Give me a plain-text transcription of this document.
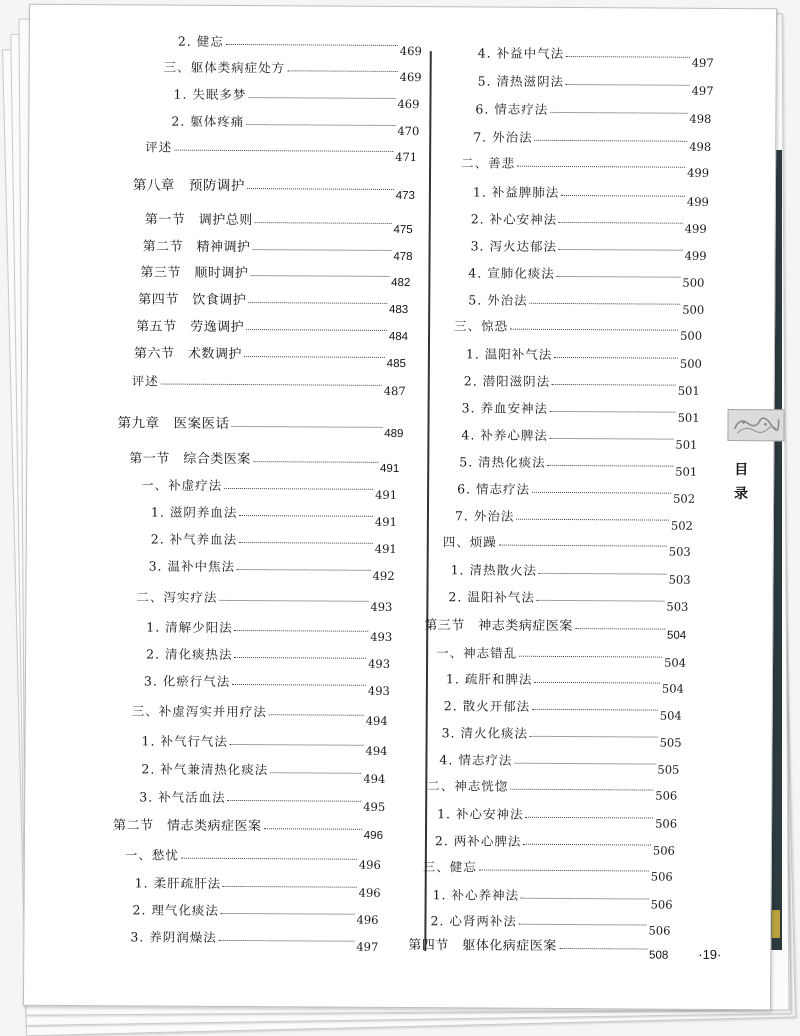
2. 健忘
469
三、躯体类病症处方
469
1. 失眠多梦
469
2. 躯体疼痛
470
评述
471
第八章　预防调护
473
第一节　调护总则
475
第二节　精神调护
478
第三节　顺时调护
482
第四节　饮食调护
483
第五节　劳逸调护
484
第六节　术数调护
485
评述
487
第九章　医案医话
489
第一节　综合类医案
491
一、补虚疗法
491
1. 滋阴养血法
491
2. 补气养血法
491
3. 温补中焦法
492
二、泻实疗法
493
1. 清解少阳法
493
2. 清化痰热法
493
3. 化瘀行气法
493
三、补虚泻实并用疗法
494
1. 补气行气法
494
2. 补气兼清热化痰法
494
3. 补气活血法
495
第二节　情志类病症医案
496
一、愁忧
496
1. 柔肝疏肝法
496
2. 理气化痰法
496
3. 养阴润燥法
497
4. 补益中气法
497
5. 清热滋阴法
497
6. 情志疗法
498
7. 外治法
498
二、善悲
499
1. 补益脾肺法
499
2. 补心安神法
499
3. 泻火达郁法
499
4. 宣肺化痰法
500
5. 外治法
500
三、惊恐
500
1. 温阳补气法
500
2. 潜阳滋阴法
501
3. 养血安神法
501
4. 补养心脾法
501
5. 清热化痰法
501
6. 情志疗法
502
7. 外治法
502
四、烦躁
503
1. 清热散火法
503
2. 温阳补气法
503
第三节　神志类病症医案
504
一、神志错乱
504
1. 疏肝和脾法
504
2. 散火开郁法
504
3. 清火化痰法
505
4. 情志疗法
505
二、神志恍惚
506
1. 补心安神法
506
2. 两补心脾法
506
三、健忘
506
1. 补心养神法
506
2. 心肾两补法
506
第四节　躯体化病症医案
508
目
录
·19·
